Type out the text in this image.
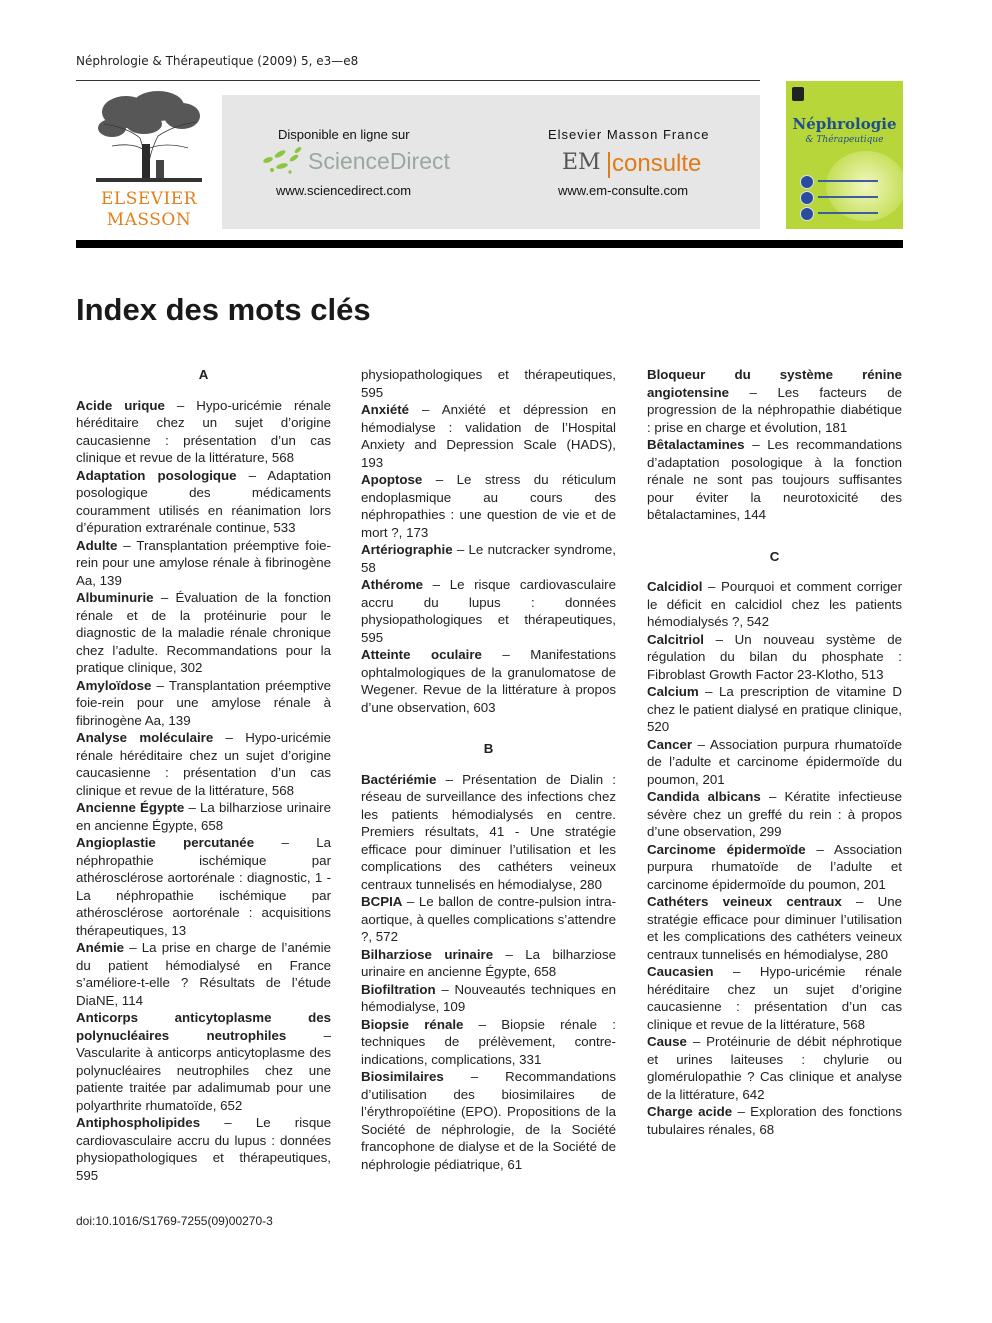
Néphrologie & Thérapeutique (2009) 5, e3—e8
ELSEVIER
MASSON
Disponible en ligne sur
ScienceDirect
www.sciencedirect.com
Elsevier Masson France
EM consulte
www.em-consulte.com
Néphrologie
& Thérapeutique
Index des mots clés

A

Acide urique – Hypo-uricémie rénale héréditaire chez un sujet d’origine caucasienne : présentation d’un cas clinique et revue de la littérature, 568

Adaptation posologique – Adaptation posologique des médicaments couramment utilisés en réanimation lors d’épuration extrarénale continue, 533

Adulte – Transplantation préemptive foie-rein pour une amylose rénale à fibrinogène Aa, 139

Albuminurie – Évaluation de la fonction rénale et de la protéinurie pour le diagnostic de la maladie rénale chronique chez l’adulte. Recommandations pour la pratique clinique, 302

Amyloïdose – Transplantation préemptive foie-rein pour une amylose rénale à fibrinogène Aa, 139

Analyse moléculaire – Hypo-uricémie rénale héréditaire chez un sujet d’origine caucasienne : présentation d’un cas clinique et revue de la littérature, 568

Ancienne Égypte – La bilharziose urinaire en ancienne Égypte, 658

Angioplastie percutanée – La néphropathie ischémique par athérosclérose aortorénale : diagnostic, 1 - La néphropathie ischémique par athérosclérose aortorénale : acquisitions thérapeutiques, 13

Anémie – La prise en charge de l’anémie du patient hémodialysé en France s’améliore-t-elle ? Résultats de l’étude DiaNE, 114

Anticorps anticytoplasme des polynucléaires neutrophiles – Vascularite à anticorps anticytoplasme des polynucléaires neutrophiles chez une patiente traitée par adalimumab pour une polyarthrite rhumatoïde, 652

Antiphospholipides – Le risque cardiovasculaire accru du lupus : données physiopathologiques et thérapeutiques, 595

physiopathologiques et thérapeutiques, 595

Anxiété – Anxiété et dépression en hémodialyse : validation de l’Hospital Anxiety and Depression Scale (HADS), 193

Apoptose – Le stress du réticulum endoplasmique au cours des néphropathies : une question de vie et de mort ?, 173

Artériographie – Le nutcracker syndrome, 58

Athérome – Le risque cardiovasculaire accru du lupus : données physiopathologiques et thérapeutiques, 595

Atteinte oculaire – Manifestations ophtalmologiques de la granulomatose de Wegener. Revue de la littérature à propos d’une observation, 603

B

Bactériémie – Présentation de Dialin : réseau de surveillance des infections chez les patients hémodialysés en centre. Premiers résultats, 41 - Une stratégie efficace pour diminuer l’utilisation et les complications des cathéters veineux centraux tunnelisés en hémodialyse, 280

BCPIA – Le ballon de contre-pulsion intra-aortique, à quelles complications s’attendre ?, 572

Bilharziose urinaire – La bilharziose urinaire en ancienne Égypte, 658

Biofiltration – Nouveautés techniques en hémodialyse, 109

Biopsie rénale – Biopsie rénale : techniques de prélèvement, contre-indications, complications, 331

Biosimilaires – Recommandations d’utilisation des biosimilaires de l’érythropoïétine (EPO). Propositions de la Société de néphrologie, de la Société francophone de dialyse et de la Société de néphrologie pédiatrique, 61

Bloqueur du système rénine angiotensine – Les facteurs de progression de la néphropathie diabétique : prise en charge et évolution, 181

Bêtalactamines – Les recommandations d’adaptation posologique à la fonction rénale ne sont pas toujours suffisantes pour éviter la neurotoxicité des bêtalactamines, 144

C

Calcidiol – Pourquoi et comment corriger le déficit en calcidiol chez les patients hémodialysés ?, 542

Calcitriol – Un nouveau système de régulation du bilan du phosphate : Fibroblast Growth Factor 23-Klotho, 513

Calcium – La prescription de vitamine D chez le patient dialysé en pratique clinique, 520

Cancer – Association purpura rhumatoïde de l’adulte et carcinome épidermoïde du poumon, 201

Candida albicans – Kératite infectieuse sévère chez un greffé du rein : à propos d’une observation, 299

Carcinome épidermoïde – Association purpura rhumatoïde de l’adulte et carcinome épidermoïde du poumon, 201

Cathéters veineux centraux – Une stratégie efficace pour diminuer l’utilisation et les complications des cathéters veineux centraux tunnelisés en hémodialyse, 280

Caucasien – Hypo-uricémie rénale héréditaire chez un sujet d’origine caucasienne : présentation d’un cas clinique et revue de la littérature, 568

Cause – Protéinurie de débit néphrotique et urines laiteuses : chylurie ou glomérulopathie ? Cas clinique et analyse de la littérature, 642

Charge acide – Exploration des fonctions tubulaires rénales, 68

doi:10.1016/S1769-7255(09)00270-3
